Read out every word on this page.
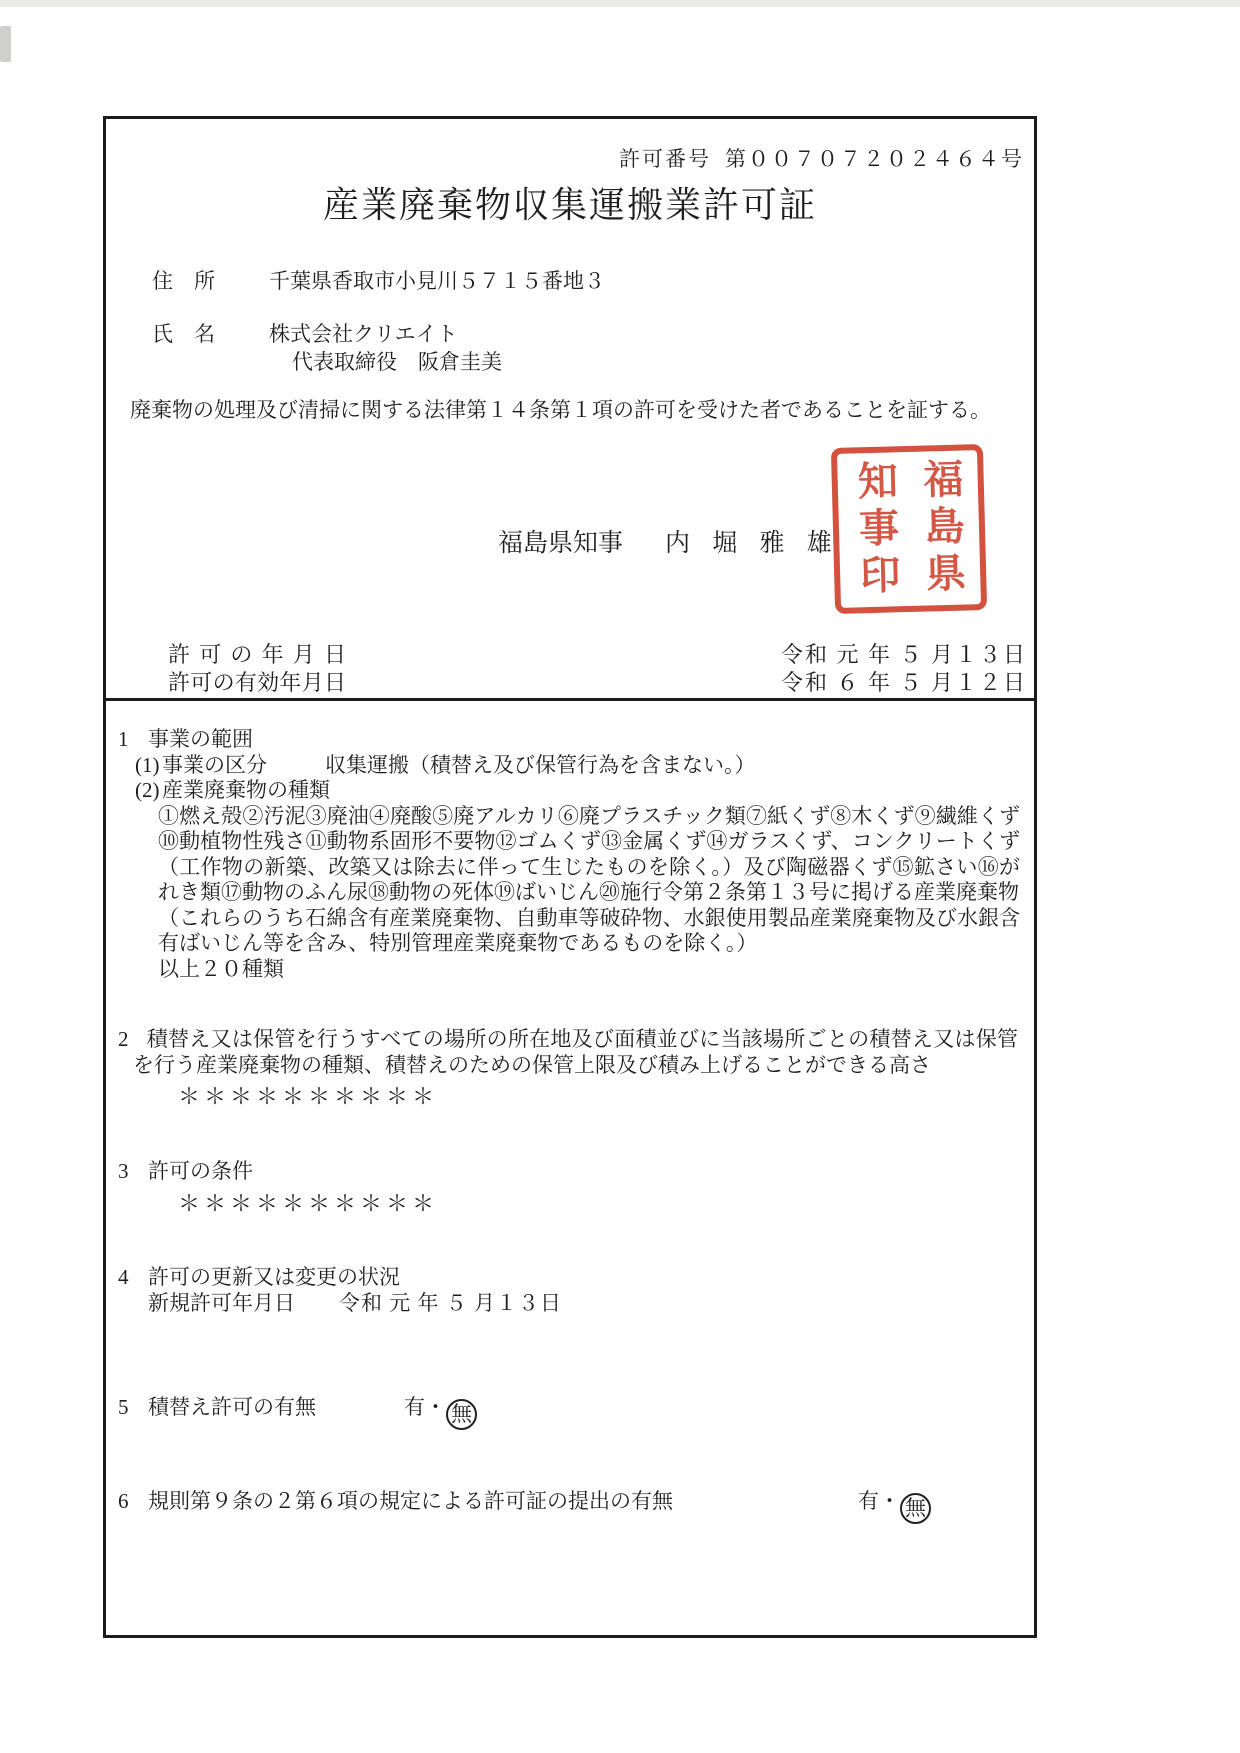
許可番号 第００７０７２０２４６４号
産業廃棄物収集運搬業許可証
住　所	千葉県香取市小見川５７１５番地３
氏　名	株式会社クリエイト
代表取締役　阪倉圭美
廃棄物の処理及び清掃に関する法律第１４条第１項の許可を受けた者であることを証する。
福島県知事 内 堀 雅 雄 福島県
知事印
許 可 の 年 月 日	令和 元 年 ５ 月１３日
許可の有効年月日	令和 ６ 年 ５ 月１２日
1 事業の範囲
(1) 事業の区分	収集運搬（積替え及び保管行為を含まない。）
(2) 産業廃棄物の種類
①燃え殻②汚泥③廃油④廃酸⑤廃アルカリ⑥廃プラスチック類⑦紙くず⑧木くず⑨繊維くず⑩動植物性残さ⑪動物系固形不要物⑫ゴムくず⑬金属くず⑭ガラスくず、コンクリートくず（工作物の新築、改築又は除去に伴って生じたものを除く。）及び陶磁器くず⑮鉱さい⑯がれき類⑰動物のふん尿⑱動物の死体⑲ばいじん⑳施行令第２条第１３号に掲げる産業廃棄物
（これらのうち石綿含有産業廃棄物、自動車等破砕物、水銀使用製品産業廃棄物及び水銀含有ばいじん等を含み、特別管理産業廃棄物であるものを除く。）
以上２０種類
2 積替え又は保管を行うすべての場所の所在地及び面積並びに当該場所ごとの積替え又は保管を行う産業廃棄物の種類、積替えのための保管上限及び積み上げることができる高さ
＊＊＊＊＊＊＊＊＊＊
3 許可の条件
＊＊＊＊＊＊＊＊＊＊
4 許可の更新又は変更の状況
新規許可年月日 令和 元 年 ５ 月１３日
5 積替え許可の有無	有・ 無
6 規則第９条の２第６項の規定による許可証の提出の有無	有・ 無
